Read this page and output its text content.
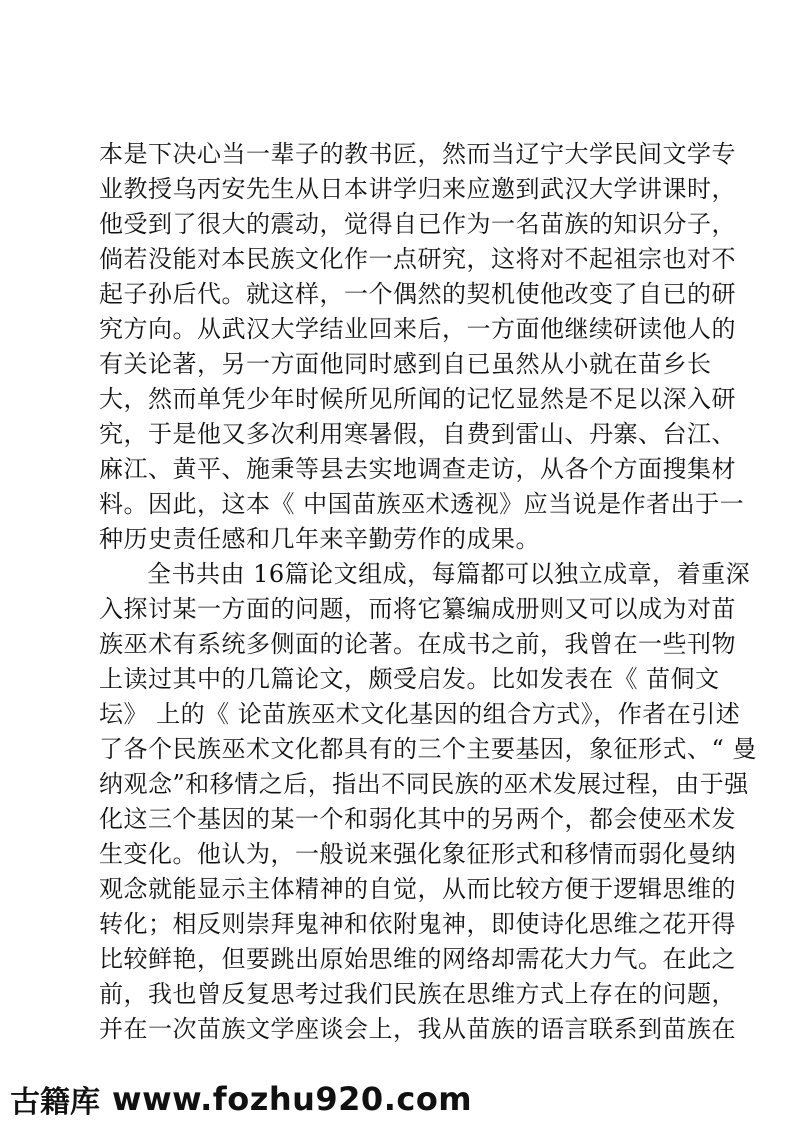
本是下决心当一辈子的教书匠，然而当辽宁大学民间文学专
业教授乌丙安先生从日本讲学归来应邀到武汉大学讲课时，
他受到了很大的震动，觉得自已作为一名苗族的知识分子，
倘若没能对本民族文化作一点研究，这将对不起祖宗也对不
起子孙后代。就这样，一个偶然的契机使他改变了自已的研
究方向。从武汉大学结业回来后，一方面他继续研读他人的
有关论著，另一方面他同时感到自已虽然从小就在苗乡长
大，然而单凭少年时候所见所闻的记忆显然是不足以深入研
究，于是他又多次利用寒暑假，自费到雷山、丹寨、台江、
麻江、黄平、施秉等县去实地调查走访，从各个方面搜集材
料。因此，这本《 中国苗族巫术透视》应当说是作者出于一
种历史责任感和几年来辛勤劳作的成果。
全书共由 16篇论文组成，每篇都可以独立成章，着重深
入探讨某一方面的问题，而将它纂编成册则又可以成为对苗
族巫术有系统多侧面的论著。在成书之前，我曾在一些刊物
上读过其中的几篇论文，颇受启发。比如发表在《 苗侗文
坛》 上的《 论苗族巫术文化基因的组合方式》，作者在引述
了各个民族巫术文化都具有的三个主要基因，象征形式、“ 曼
纳观念”和移情之后，指出不同民族的巫术发展过程，由于强
化这三个基因的某一个和弱化其中的另两个，都会使巫术发
生变化。他认为，一般说来强化象征形式和移情而弱化曼纳
观念就能显示主体精神的自觉，从而比较方便于逻辑思维的
转化；相反则崇拜鬼神和依附鬼神，即使诗化思维之花开得
比较鲜艳，但要跳出原始思维的网络却需花大力气。在此之
前，我也曾反复思考过我们民族在思维方式上存在的问题，
并在一次苗族文学座谈会上，我从苗族的语言联系到苗族在
古籍库 www.fozhu920.com
